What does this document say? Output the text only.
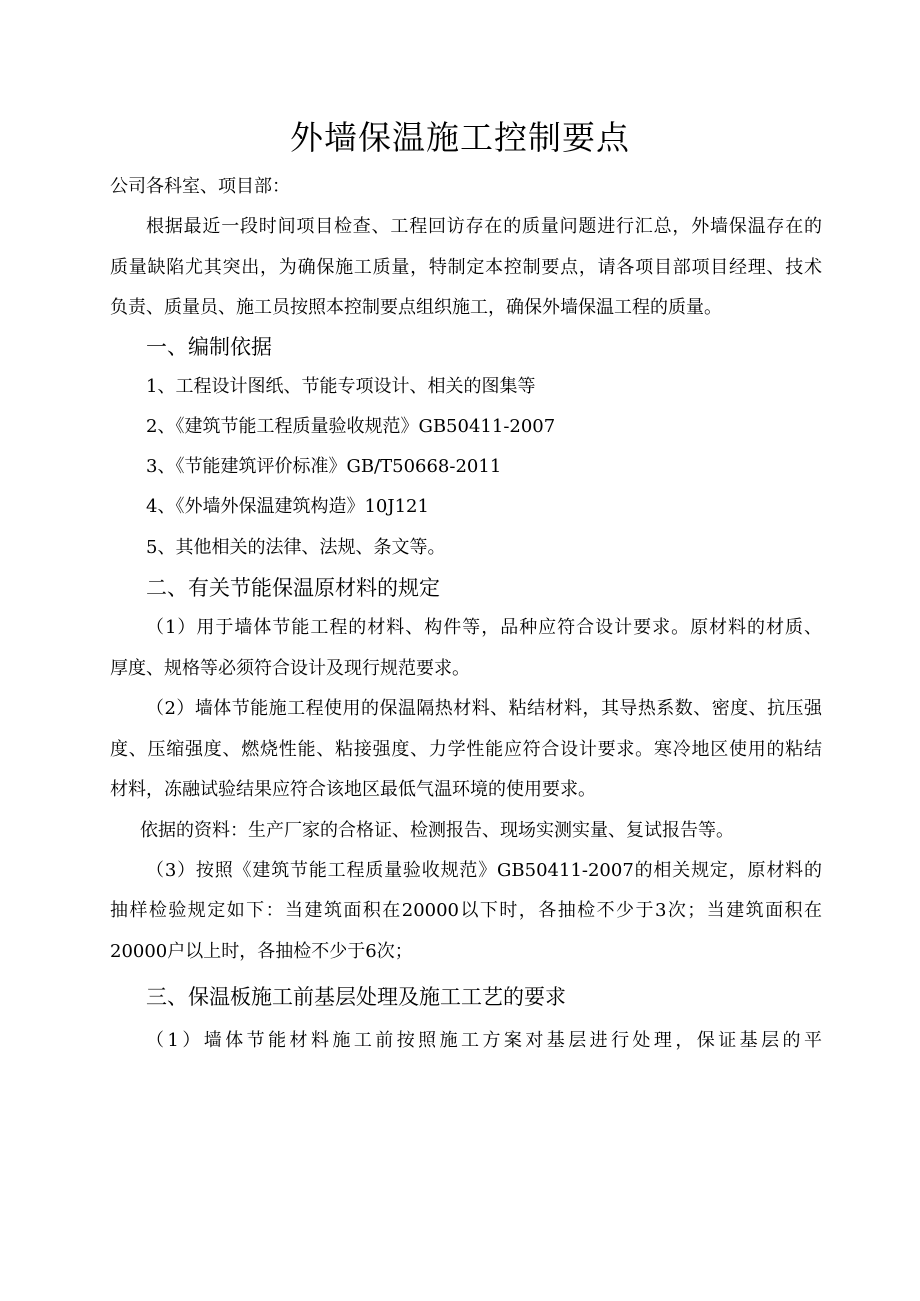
外墙保温施工控制要点
公司各科室、项目部：
根据最近一段时间项目检查、工程回访存在的质量问题进行汇总，外墙保温存在的
质量缺陷尤其突出，为确保施工质量，特制定本控制要点，请各项目部项目经理、技术
负责、质量员、施工员按照本控制要点组织施工，确保外墙保温工程的质量。
一、编制依据
1、工程设计图纸、节能专项设计、相关的图集等
2、《建筑节能工程质量验收规范》GB50411-2007
3、《节能建筑评价标准》GB/T50668-2011
4、《外墙外保温建筑构造》10J121
5、其他相关的法律、法规、条文等。
二、有关节能保温原材料的规定
（1）用于墙体节能工程的材料、构件等，品种应符合设计要求。原材料的材质、
厚度、规格等必须符合设计及现行规范要求。
（2）墙体节能施工程使用的保温隔热材料、粘结材料，其导热系数、密度、抗压强
度、压缩强度、燃烧性能、粘接强度、力学性能应符合设计要求。寒冷地区使用的粘结
材料，冻融试验结果应符合该地区最低气温环境的使用要求。
依据的资料：生产厂家的合格证、检测报告、现场实测实量、复试报告等。
（3）按照《建筑节能工程质量验收规范》GB50411-2007的相关规定，原材料的
抽样检验规定如下：当建筑面积在20000以下时，各抽检不少于3次；当建筑面积在
20000户以上时，各抽检不少于6次；
三、保温板施工前基层处理及施工工艺的要求
（1）墙体节能材料施工前按照施工方案对基层进行处理，保证基层的平
